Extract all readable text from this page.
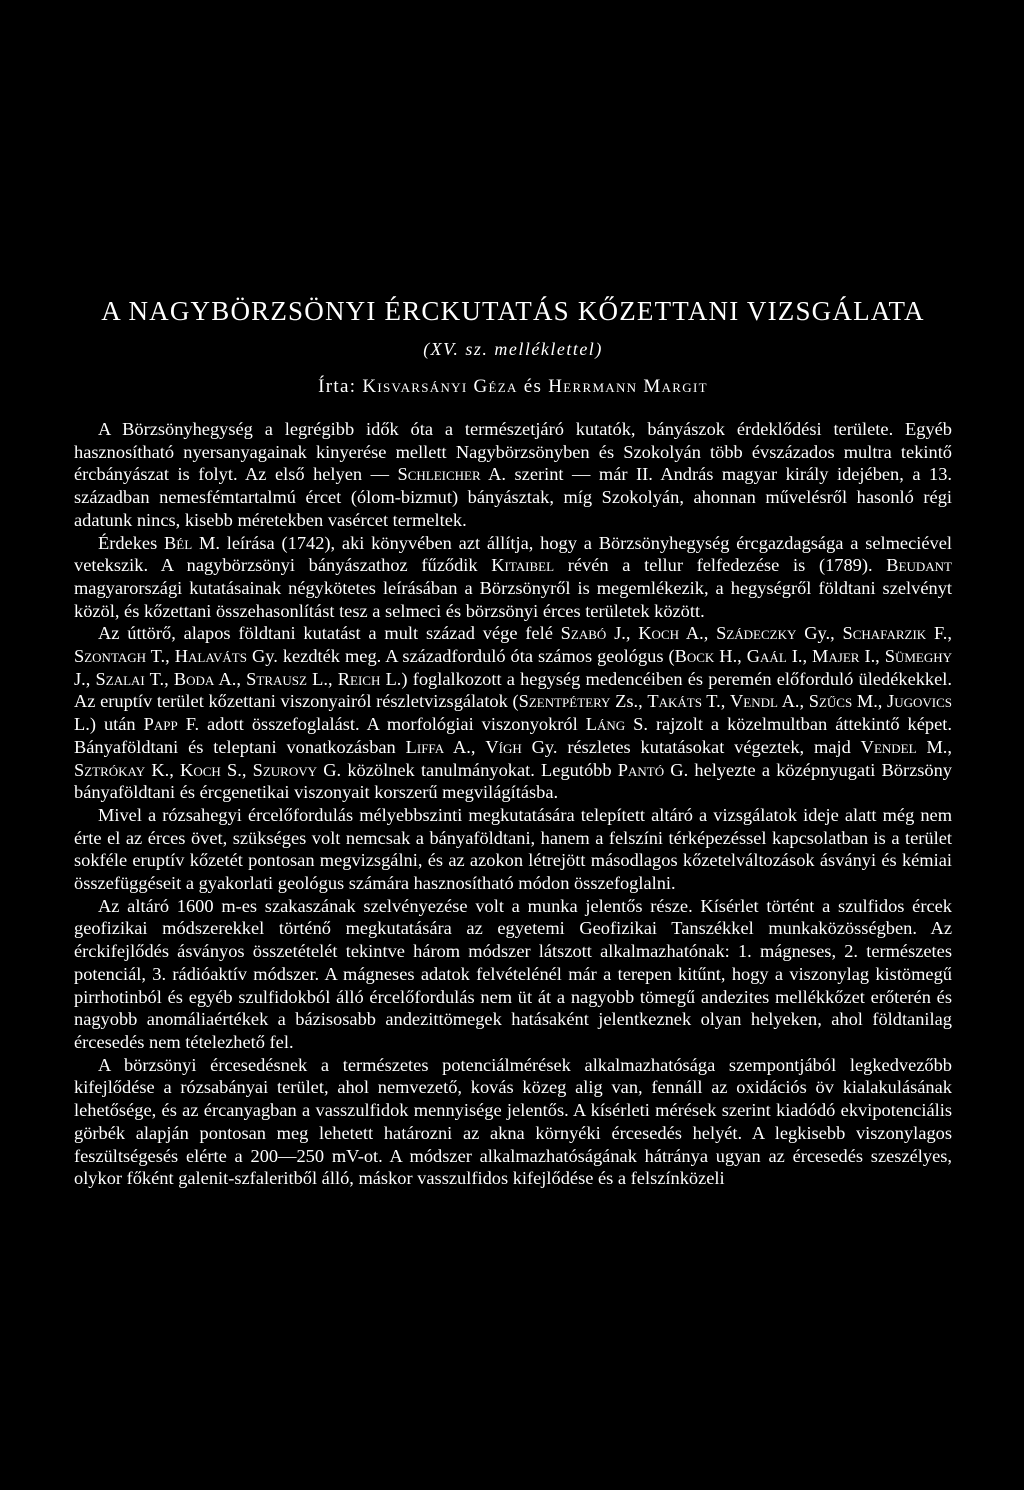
A NAGYBÖRZSÖNYI ÉRCKUTATÁS KŐZETTANI VIZSGÁLATA
(XV. sz. melléklettel)
Írta: Kisvarsányi Géza és Herrmann Margit

A Börzsönyhegység a legrégibb idők óta a természetjáró kutatók, bányászok érdeklődési területe. Egyéb hasznosítható nyersanyagainak kinyerése mellett Nagybörzsönyben és Szokolyán több évszázados multra tekintő ércbányászat is folyt. Az első helyen — Schleicher A. szerint — már II. András magyar király idejében, a 13. században nemesfémtartalmú ércet (ólom-bizmut) bányásztak, míg Szokolyán, ahonnan művelésről hasonló régi adatunk nincs, kisebb méretekben vasércet termeltek.

Érdekes Bél M. leírása (1742), aki könyvében azt állítja, hogy a Börzsönyhegység ércgazdagsága a selmeciével vetekszik. A nagybörzsönyi bányászathoz fűződik Kitaibel révén a tellur felfedezése is (1789). Beudant magyarországi kutatásainak négykötetes leírásában a Börzsönyről is megemlékezik, a hegységről földtani szelvényt közöl, és kőzettani összehasonlítást tesz a selmeci és börzsönyi érces területek között.

Az úttörő, alapos földtani kutatást a mult század vége felé Szabó J., Koch A., Szádeczky Gy., Schafarzik F., Szontagh T., Halaváts Gy. kezdték meg. A századforduló óta számos geológus (Bock H., Gaál I., Majer I., Sümeghy J., Szalai T., Boda A., Strausz L., Reich L.) foglalkozott a hegység medencéiben és peremén előforduló üledékekkel. Az eruptív terület kőzettani viszonyairól részletvizsgálatok (Szentpétery Zs., Takáts T., Vendl A., Szűcs M., Jugovics L.) után Papp F. adott összefoglalást. A morfológiai viszonyokról Láng S. rajzolt a közelmultban áttekintő képet. Bányaföldtani és teleptani vonatkozásban Liffa A., Vígh Gy. részletes kutatásokat végeztek, majd Vendel M., Sztrókay K., Koch S., Szurovy G. közölnek tanulmányokat. Legutóbb Pantó G. helyezte a középnyugati Börzsöny bányaföldtani és ércgenetikai viszonyait korszerű megvilágításba.

Mivel a rózsahegyi ércelőfordulás mélyebbszinti megkutatására telepített altáró a vizsgálatok ideje alatt még nem érte el az érces övet, szükséges volt nemcsak a bányaföldtani, hanem a felszíni térképezéssel kapcsolatban is a terület sokféle eruptív kőzetét pontosan megvizsgálni, és az azokon létrejött másodlagos kőzetelváltozások ásványi és kémiai összefüggéseit a gyakorlati geológus számára hasznosítható módon összefoglalni.

Az altáró 1600 m-es szakaszának szelvényezése volt a munka jelentős része. Kísérlet történt a szulfidos ércek geofizikai módszerekkel történő megkutatására az egyetemi Geofizikai Tanszékkel munkaközösségben. Az érckifejlődés ásványos összetételét tekintve három módszer látszott alkalmazhatónak: 1. mágneses, 2. természetes potenciál, 3. rádióaktív módszer. A mágneses adatok felvételénél már a terepen kitűnt, hogy a viszonylag kistömegű pirrhotinból és egyéb szulfidokból álló ércelőfordulás nem üt át a nagyobb tömegű andezites mellékkőzet erőterén és nagyobb anomáliaértékek a bázisosabb andezittömegek hatásaként jelentkeznek olyan helyeken, ahol földtanilag ércesedés nem tételezhető fel.

A börzsönyi ércesedésnek a természetes potenciálmérések alkalmazhatósága szempontjából legkedvezőbb kifejlődése a rózsabányai terület, ahol nemvezető, kovás közeg alig van, fennáll az oxidációs öv kialakulásának lehetősége, és az ércanyagban a vasszulfidok mennyisége jelentős. A kísérleti mérések szerint kiadódó ekvipotenciális görbék alapján pontosan meg lehetett határozni az akna környéki ércesedés helyét. A legkisebb viszonylagos feszültségesés elérte a 200—250 mV-ot. A módszer alkalmazhatóságának hátránya ugyan az ércesedés szeszélyes, olykor főként galenit-szfaleritből álló, máskor vasszulfidos kifejlődése és a felszínközeli
